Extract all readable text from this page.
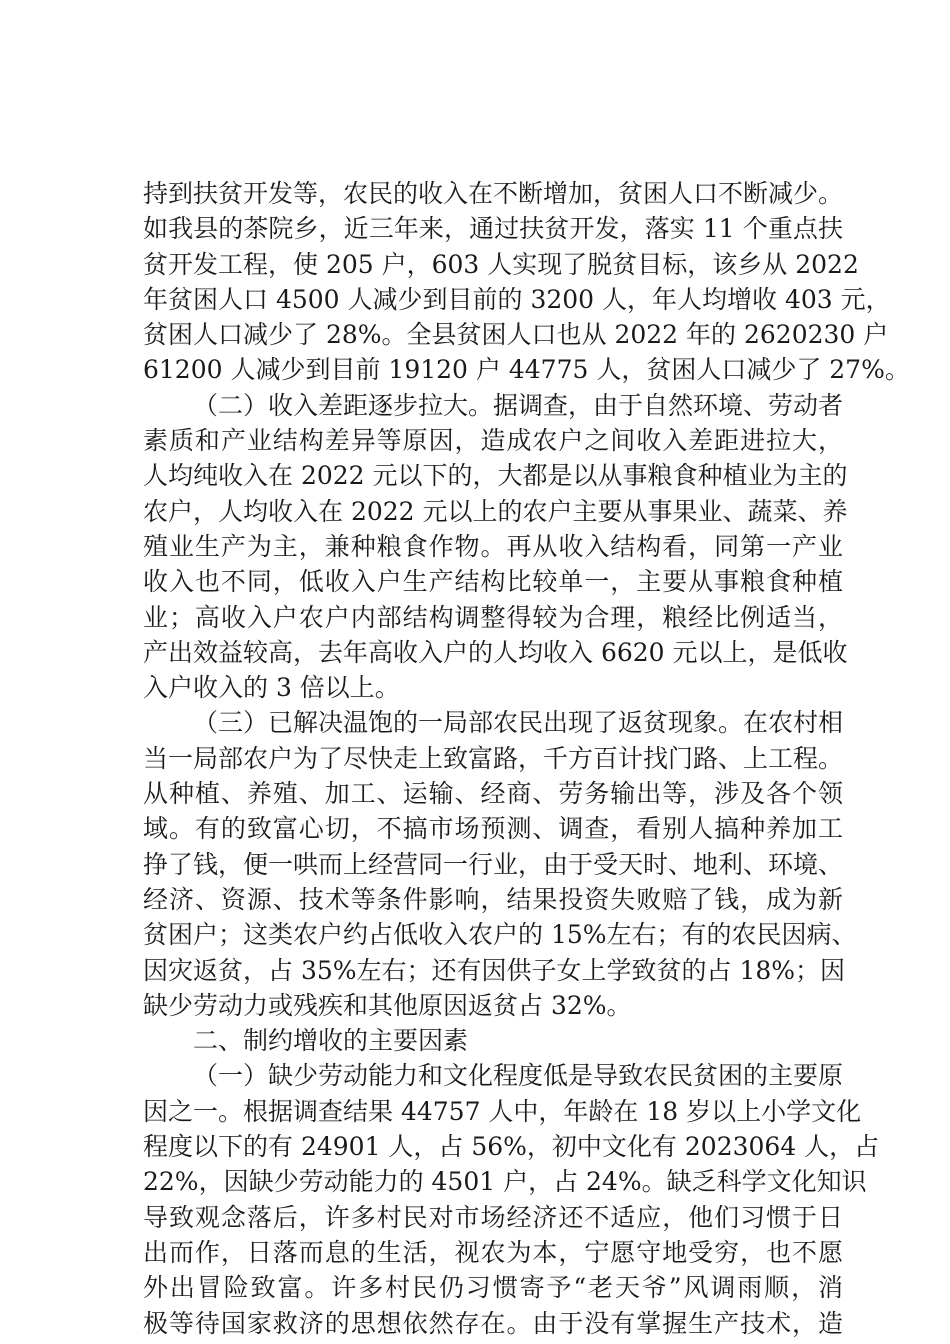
持到扶贫开发等，农民的收入在不断增加，贫困人口不断减少。
如我县的茶院乡，近三年来，通过扶贫开发，落实 11 个重点扶
贫开发工程，使 205 户，603 人实现了脱贫目标，该乡从 2022
年贫困人口 4500 人减少到目前的 3200 人，年人均增收 403 元，
贫困人口减少了 28%。全县贫困人口也从 2022 年的 2620230 户
61200 人减少到目前 19120 户 44775 人，贫困人口减少了 27%。
（二）收入差距逐步拉大。据调查，由于自然环境、劳动者
素质和产业结构差异等原因，造成农户之间收入差距进拉大，
人均纯收入在 2022 元以下的，大都是以从事粮食种植业为主的
农户，人均收入在 2022 元以上的农户主要从事果业、蔬菜、养
殖业生产为主，兼种粮食作物。再从收入结构看，同第一产业
收入也不同，低收入户生产结构比较单一，主要从事粮食种植
业；高收入户农户内部结构调整得较为合理，粮经比例适当，
产出效益较高，去年高收入户的人均收入 6620 元以上，是低收
入户收入的 3 倍以上。
（三）已解决温饱的一局部农民出现了返贫现象。在农村相
当一局部农户为了尽快走上致富路，千方百计找门路、上工程。
从种植、养殖、加工、运输、经商、劳务输出等，涉及各个领
域。有的致富心切，不搞市场预测、调查，看别人搞种养加工
挣了钱，便一哄而上经营同一行业，由于受天时、地利、环境、
经济、资源、技术等条件影响，结果投资失败赔了钱，成为新
贫困户；这类农户约占低收入农户的 15%左右；有的农民因病、
因灾返贫，占 35%左右；还有因供子女上学致贫的占 18%；因
缺少劳动力或残疾和其他原因返贫占 32%。
二、制约增收的主要因素
（一）缺少劳动能力和文化程度低是导致农民贫困的主要原
因之一。根据调查结果 44757 人中，年龄在 18 岁以上小学文化
程度以下的有 24901 人，占 56%，初中文化有 2023064 人，占
22%，因缺少劳动能力的 4501 户，占 24%。缺乏科学文化知识
导致观念落后，许多村民对市场经济还不适应，他们习惯于日
出而作，日落而息的生活，视农为本，宁愿守地受穷，也不愿
外出冒险致富。许多村民仍习惯寄予“老天爷”风调雨顺，消
极等待国家救济的思想依然存在。由于没有掌握生产技术，造
